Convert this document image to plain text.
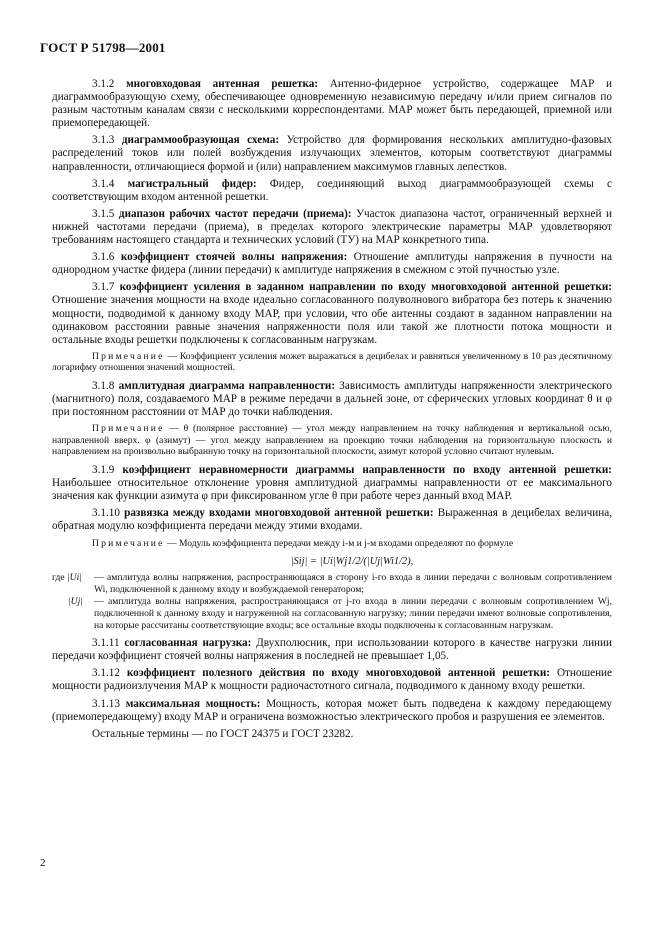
ГОСТ Р 51798—2001

3.1.2 многовходовая антенная решетка: Антенно-фидерное устройство, содержащее МАР и диаграммообразующую схему, обеспечивающее одновременную независимую передачу и/или прием сигналов по разным частотным каналам связи с несколькими корреспондентами. МАР может быть передающей, приемной или приемопередающей.

3.1.3 диаграммообразующая схема: Устройство для формирования нескольких амплитудно-фазовых распределений токов или полей возбуждения излучающих элементов, которым соответствуют диаграммы направленности, отличающиеся формой и (или) направлением максимумов главных лепестков.

3.1.4 магистральный фидер: Фидер, соединяющий выход диаграммообразующей схемы с соответствующим входом антенной решетки.

3.1.5 диапазон рабочих частот передачи (приема): Участок диапазона частот, ограниченный верхней и нижней частотами передачи (приема), в пределах которого электрические параметры МАР удовлетворяют требованиям настоящего стандарта и технических условий (ТУ) на МАР конкретного типа.

3.1.6 коэффициент стоячей волны напряжения: Отношение амплитуды напряжения в пучности на однородном участке фидера (линии передачи) к амплитуде напряжения в смежном с этой пучностью узле.

3.1.7 коэффициент усиления в заданном направлении по входу многовходовой антенной решетки: Отношение значения мощности на входе идеально согласованного полуволнового вибратора без потерь к значению мощности, подводимой к данному входу МАР, при условии, что обе антенны создают в заданном направлении на одинаковом расстоянии равные значения напряженности поля или такой же плотности потока мощности и остальные входы решетки подключены к согласованным нагрузкам.

Примечание — Коэффициент усиления может выражаться в децибелах и равняться увеличенному в 10 раз десятичному логарифму отношения значений мощностей.

3.1.8 амплитудная диаграмма направленности: Зависимость амплитуды напряженности электрического (магнитного) поля, создаваемого МАР в режиме передачи в дальней зоне, от сферических угловых координат θ и φ при постоянном расстоянии от МАР до точки наблюдения.

Примечание — θ (полярное расстояние) — угол между направлением на точку наблюдения и вертикальной осью, направленной вверх. φ (азимут) — угол между направлением на проекцию точки наблюдения на горизонтальную плоскость и направлением на произвольно выбранную точку на горизонтальной плоскости, азимут которой условно считают нулевым.

3.1.9 коэффициент неравномерности диаграммы направленности по входу антенной решетки: Наибольшее относительное отклонение уровня амплитудной диаграммы направленности от ее максимального значения как функции азимута φ при фиксированном угле θ при работе через данный вход МАР.

3.1.10 развязка между входами многовходовой антенной решетки: Выраженная в децибелах величина, обратная модулю коэффициента передачи между этими входами.

Примечание — Модуль коэффициента передачи между i-м и j-м входами определяют по формуле

|Sij| = |Ui|Wj1/2/(|Uj|Wi1/2),
где |Ui|	— амплитуда волны напряжения, распространяющаяся в сторону i-го входа в линии передачи с волновым сопротивлением Wi, подключенной к данному входу и возбуждаемой генератором;
|Uj|	— амплитуда волны напряжения, распространяющаяся от j-го входа в линии передачи с волновым сопротивлением Wj, подключенной к данному входу и нагруженной на согласованную нагрузку; линии передачи имеют волновые сопротивления, на которые рассчитаны соответствующие входы; все остальные входы подключены к согласованным нагрузкам.

3.1.11 согласованная нагрузка: Двухполюсник, при использовании которого в качестве нагрузки линии передачи коэффициент стоячей волны напряжения в последней не превышает 1,05.

3.1.12 коэффициент полезного действия по входу многовходовой антенной решетки: Отношение мощности радиоизлучения МАР к мощности радиочастотного сигнала, подводимого к данному входу решетки.

3.1.13 максимальная мощность: Мощность, которая может быть подведена к каждому передающему (приемопередающему) входу МАР и ограничена возможностью электрического пробоя и разрушения ее элементов.

Остальные термины — по ГОСТ 24375 и ГОСТ 23282.

2
